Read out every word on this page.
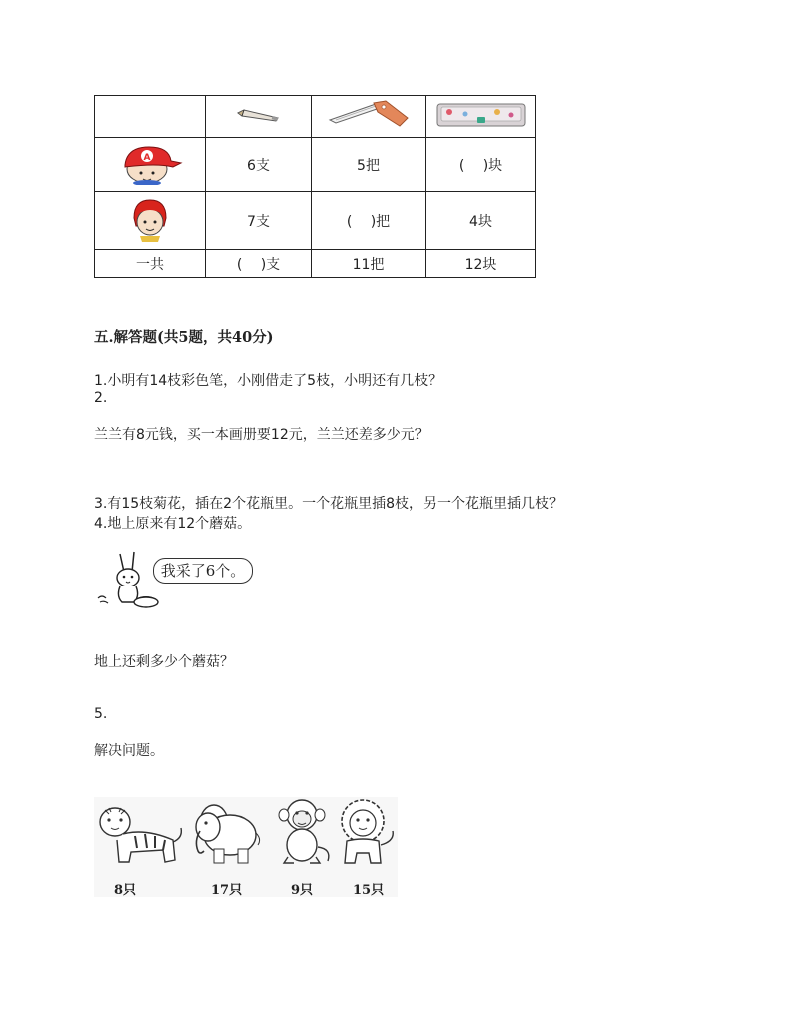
A	6支	5把	(　 )块
	7支	(　 )把	4块
一共	(　 )支	11把	12块
五.解答题(共5题，共40分)
1.小明有14枝彩色笔，小刚借走了5枝，小明还有几枝？
2.
兰兰有8元钱，买一本画册要12元，兰兰还差多少元？
3.有15枝菊花，插在2个花瓶里。一个花瓶里插8枝，另一个花瓶里插几枝？
4.地上原来有12个蘑菇。
我采了6个。
地上还剩多少个蘑菇？
5.
解决问题。
8只	17只	9只	15只
